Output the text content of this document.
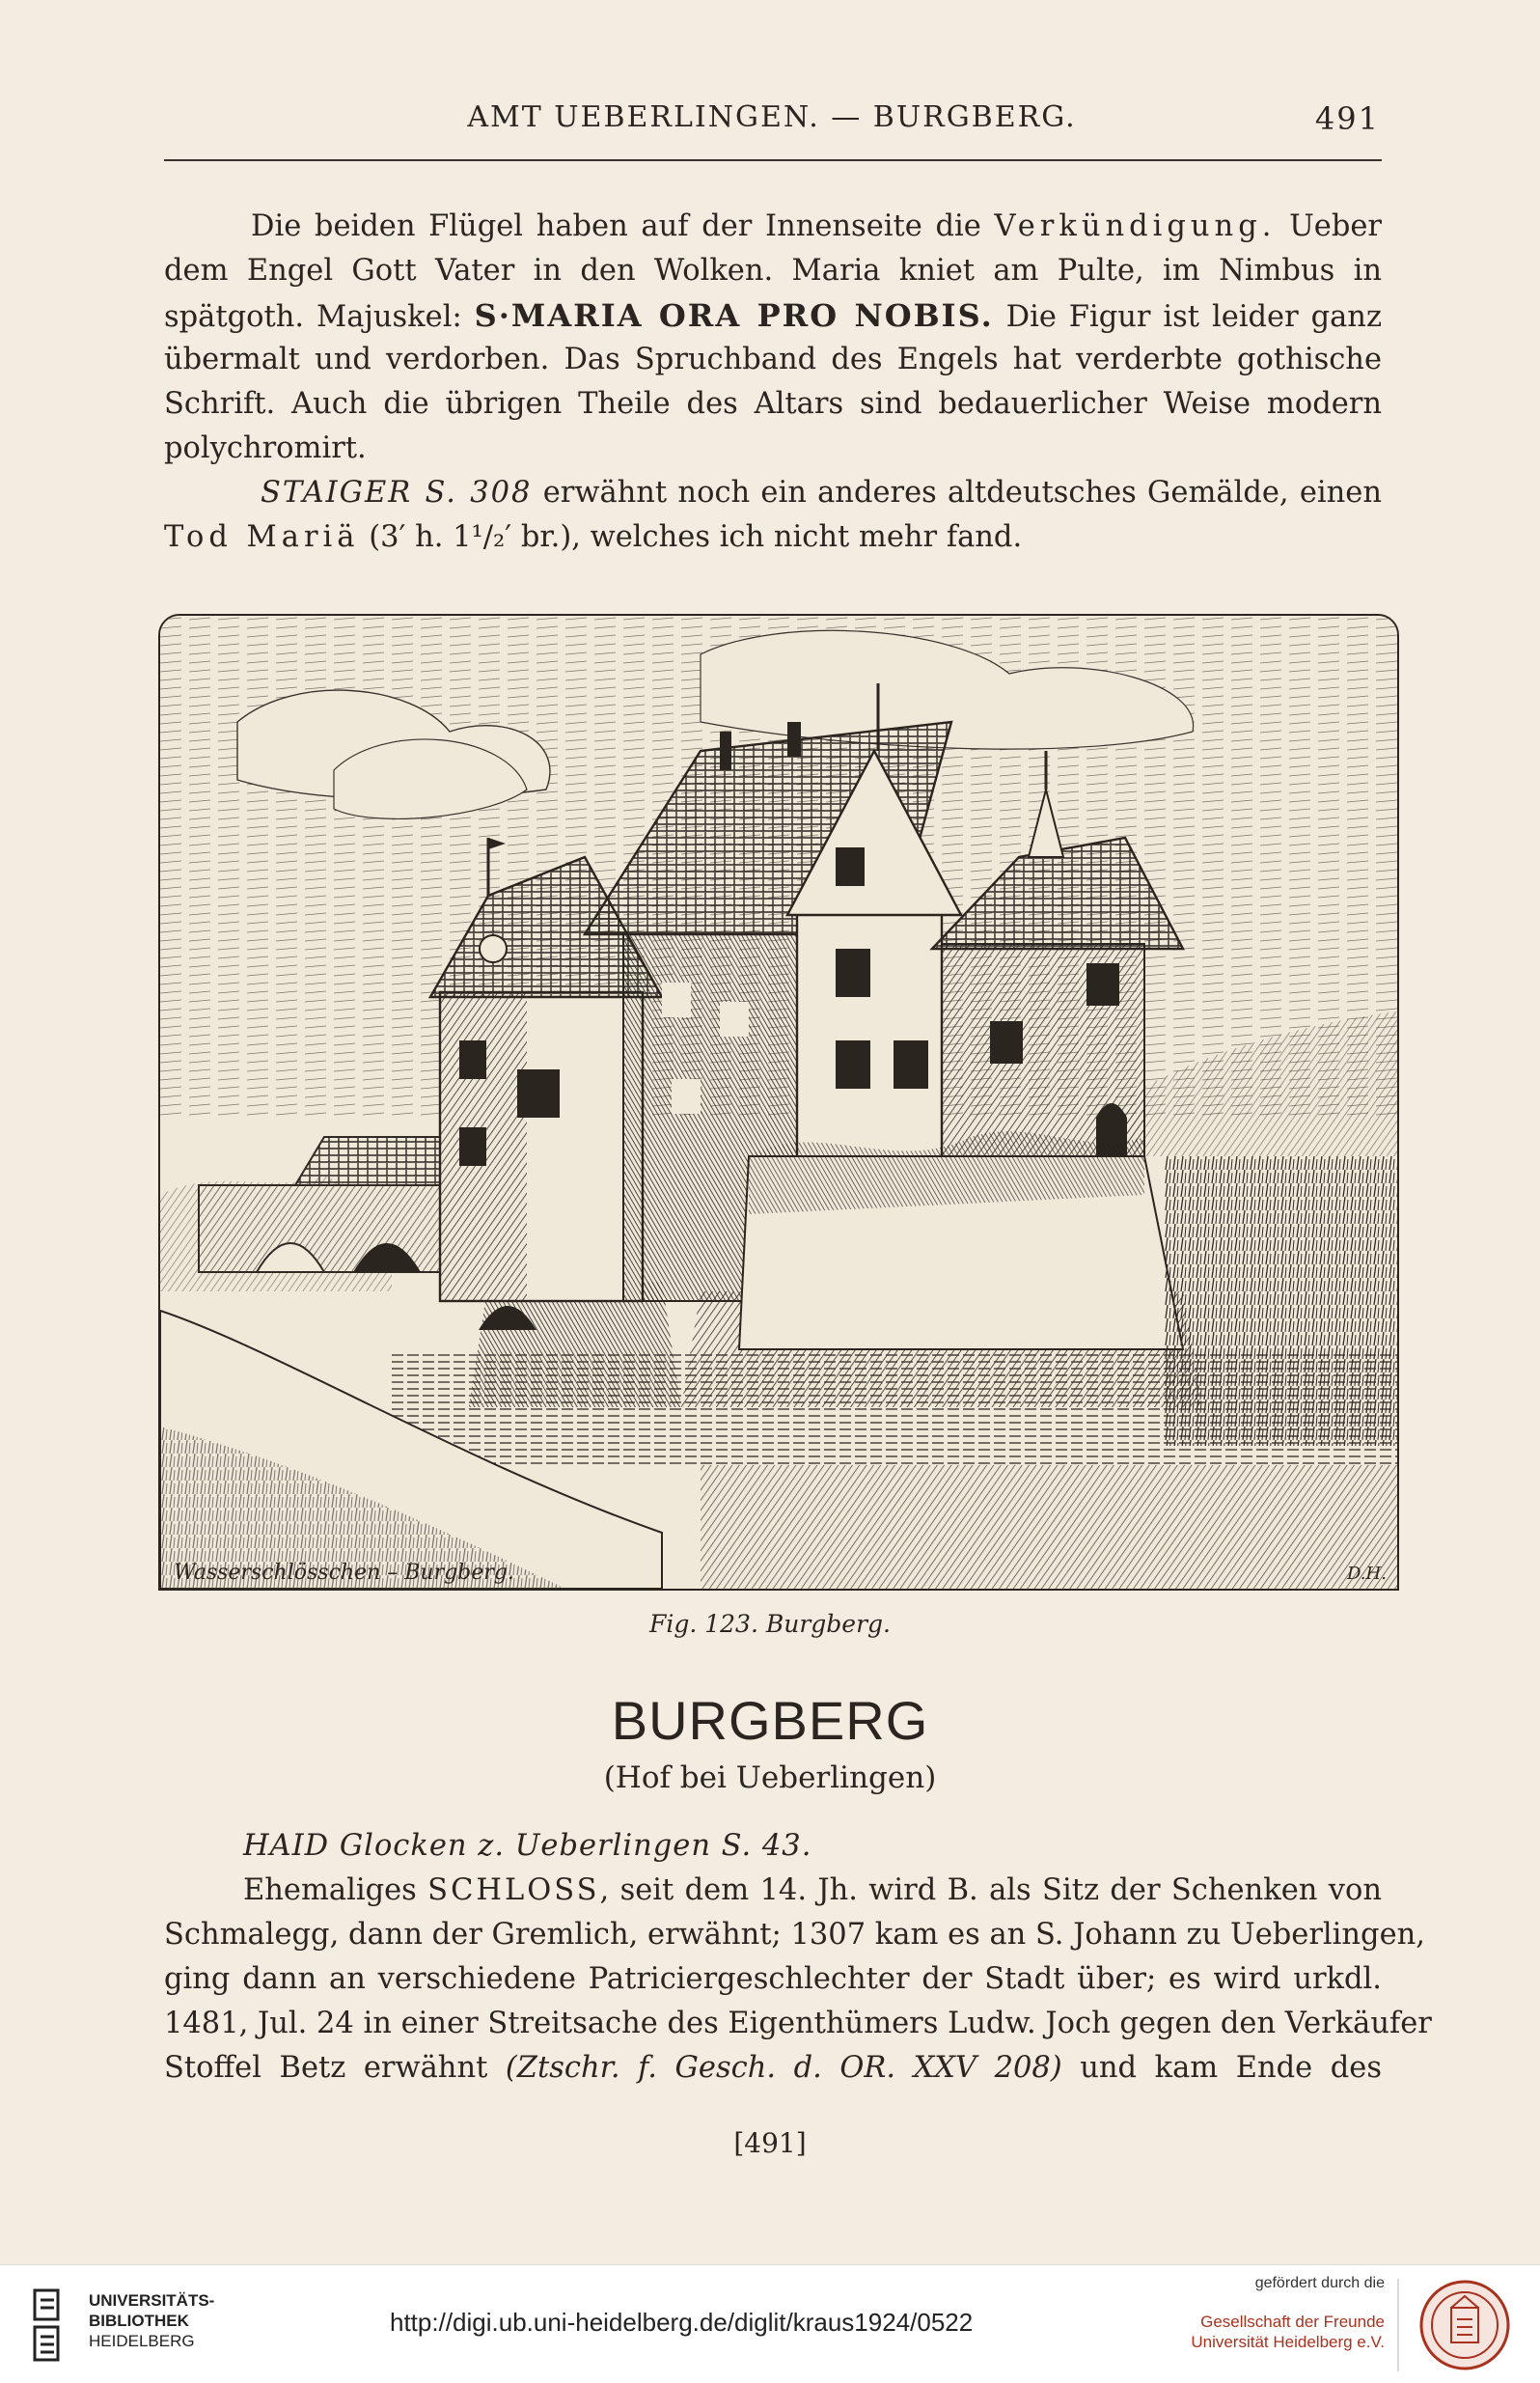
AMT UEBERLINGEN. — BURGBERG.	491
Die beiden Flügel haben auf der Innenseite die Verkündigung. Ueber
dem Engel Gott Vater in den Wolken. Maria kniet am Pulte, im Nimbus in
spätgoth. Majuskel: S·MARIA ORA PRO NOBIS. Die Figur ist leider ganz
übermalt und verdorben. Das Spruchband des Engels hat verderbte gothische
Schrift. Auch die übrigen Theile des Altars sind bedauerlicher Weise modern
polychromirt.
STAIGER S. 308 erwähnt noch ein anderes altdeutsches Gemälde, einen
Tod Mariä (3′ h. 1¹/₂′ br.), welches ich nicht mehr fand.
Wasserschlösschen – Burgberg.	D.H.
Fig. 123. Burgberg.
BURGBERG
(Hof bei Ueberlingen)
HAID Glocken z. Ueberlingen S. 43.
Ehemaliges SCHLOSS, seit dem 14. Jh. wird B. als Sitz der Schenken von
Schmalegg, dann der Gremlich, erwähnt; 1307 kam es an S. Johann zu Ueberlingen,
ging dann an verschiedene Patriciergeschlechter der Stadt über; es wird urkdl.
1481, Jul. 24 in einer Streitsache des Eigenthümers Ludw. Joch gegen den Verkäufer
Stoffel Betz erwähnt (Ztschr. f. Gesch. d. OR. XXV 208) und kam Ende des
[491]
UNIVERSITÄTS-
BIBLIOTHEK
HEIDELBERG
http://digi.ub.uni-heidelberg.de/diglit/kraus1924/0522
gefördert durch die
Gesellschaft der Freunde
Universität Heidelberg e.V.
